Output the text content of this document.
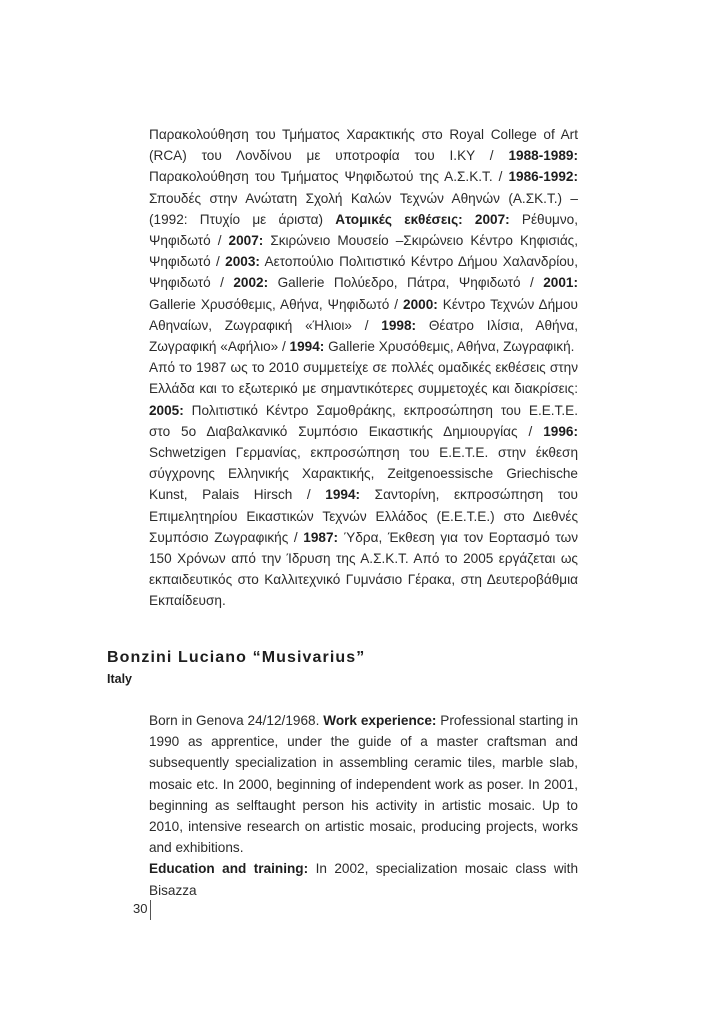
Παρακολούθηση του Τμήματος Χαρακτικής στο Royal College of Art (RCA) του Λονδίνου με υποτροφία του Ι.ΚΥ / 1988-1989: Παρακολούθηση του Τμήματος Ψηφιδωτού της Α.Σ.Κ.Τ. / 1986-1992: Σπουδές στην Ανώτατη Σχολή Καλών Τεχνών Αθηνών (Α.ΣΚ.Τ.) –(1992: Πτυχίο με άριστα) Ατομικές εκθέσεις: 2007: Ρέθυμνο, Ψηφιδωτό / 2007: Σκιρώνειο Μουσείο –Σκιρώνειο Κέντρο Κηφισιάς, Ψηφιδωτό / 2003: Αετοπούλιο Πολιτιστικό Κέντρο Δήμου Χαλανδρίου, Ψηφιδωτό / 2002: Gallerie Πολύεδρο, Πάτρα, Ψηφιδωτό / 2001: Gallerie Χρυσόθεμις, Αθήνα, Ψηφιδωτό / 2000: Κέντρο Τεχνών Δήμου Αθηναίων, Ζωγραφική «Ήλιοι» / 1998: Θέατρο Ιλίσια, Αθήνα, Ζωγραφική «Αφήλιο» / 1994: Gallerie Χρυσόθεμις, Αθήνα, Ζωγραφική.

Από το 1987 ως το 2010 συμμετείχε σε πολλές ομαδικές εκθέσεις στην Ελλάδα και το εξωτερικό με σημαντικότερες συμμετοχές και διακρίσεις: 2005: Πολιτιστικό Κέντρο Σαμοθράκης, εκπροσώπηση του Ε.Ε.Τ.Ε. στο 5ο Διαβαλκανικό Συμπόσιο Εικαστικής Δημιουργίας / 1996: Schwetzigen Γερμανίας, εκπροσώπηση του Ε.Ε.Τ.Ε. στην έκθεση σύγχρονης Ελληνικής Χαρακτικής, Zeitgenoessische Griechische Kunst, Palais Hirsch / 1994: Σαντορίνη, εκπροσώπηση του Επιμελητηρίου Εικαστικών Τεχνών Ελλάδος (Ε.Ε.Τ.Ε.) στο Διεθνές Συμπόσιο Ζωγραφικής / 1987: Ύδρα, Έκθεση για τον Εορτασμό των 150 Χρόνων από την Ίδρυση της Α.Σ.Κ.Τ. Από το 2005 εργάζεται ως εκπαιδευτικός στο Καλλιτεχνικό Γυμνάσιο Γέρακα, στη Δευτεροβάθμια Εκπαίδευση.

Bonzini Luciano “Musivarius”
Italy

Born in Genova 24/12/1968. Work experience: Professional starting in 1990 as apprentice, under the guide of a master craftsman and subsequently specialization in assembling ceramic tiles, marble slab, mosaic etc. In 2000, beginning of independent work as poser. In 2001, beginning as selftaught person his activity in artistic mosaic. Up to 2010, intensive research on artistic mosaic, producing projects, works and exhibitions.

Education and training: In 2002, specialization mosaic class with Bisazza

30
